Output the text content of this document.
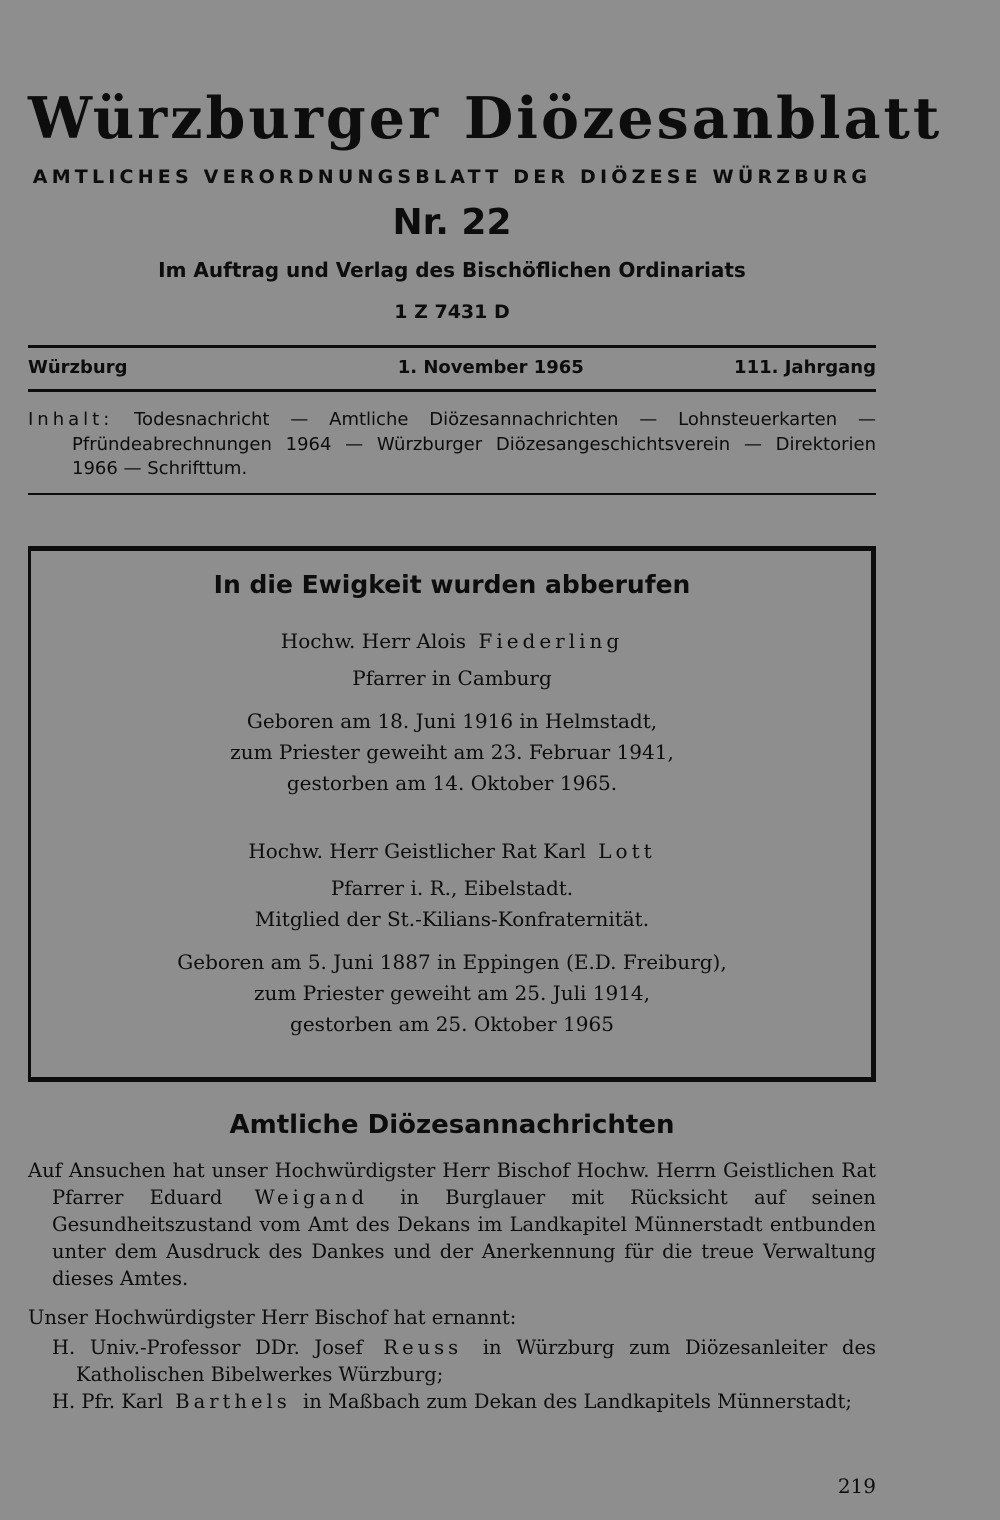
Würzburger Diözesanblatt
AMTLICHES VERORDNUNGSBLATT DER DIÖZESE WÜRZBURG
Nr. 22
Im Auftrag und Verlag des Bischöflichen Ordinariats
1 Z 7431 D
Würzburg	1. November 1965	111. Jahrgang
Inhalt: Todesnachricht — Amtliche Diözesannachrichten — Lohnsteuerkarten — Pfründeabrechnungen 1964 — Würzburger Diözesangeschichtsverein — Direktorien 1966 — Schrifttum.
In die Ewigkeit wurden abberufen
Hochw. Herr Alois Fiederling
Pfarrer in Camburg
Geboren am 18. Juni 1916 in Helmstadt,
zum Priester geweiht am 23. Februar 1941,
gestorben am 14. Oktober 1965.
Hochw. Herr Geistlicher Rat Karl Lott
Pfarrer i. R., Eibelstadt.
Mitglied der St.-Kilians-Konfraternität.
Geboren am 5. Juni 1887 in Eppingen (E.D. Freiburg),
zum Priester geweiht am 25. Juli 1914,
gestorben am 25. Oktober 1965
Amtliche Diözesannachrichten
Auf Ansuchen hat unser Hochwürdigster Herr Bischof Hochw. Herrn Geistlichen Rat Pfarrer Eduard Weigand in Burglauer mit Rücksicht auf seinen Gesundheitszustand vom Amt des Dekans im Landkapitel Münnerstadt entbunden unter dem Ausdruck des Dankes und der Anerkennung für die treue Verwaltung dieses Amtes.
Unser Hochwürdigster Herr Bischof hat ernannt:
H. Univ.-Professor DDr. Josef Reuss in Würzburg zum Diözesanleiter des Katholischen Bibelwerkes Würzburg;
H. Pfr. Karl Barthels in Maßbach zum Dekan des Landkapitels Münnerstadt;
219
